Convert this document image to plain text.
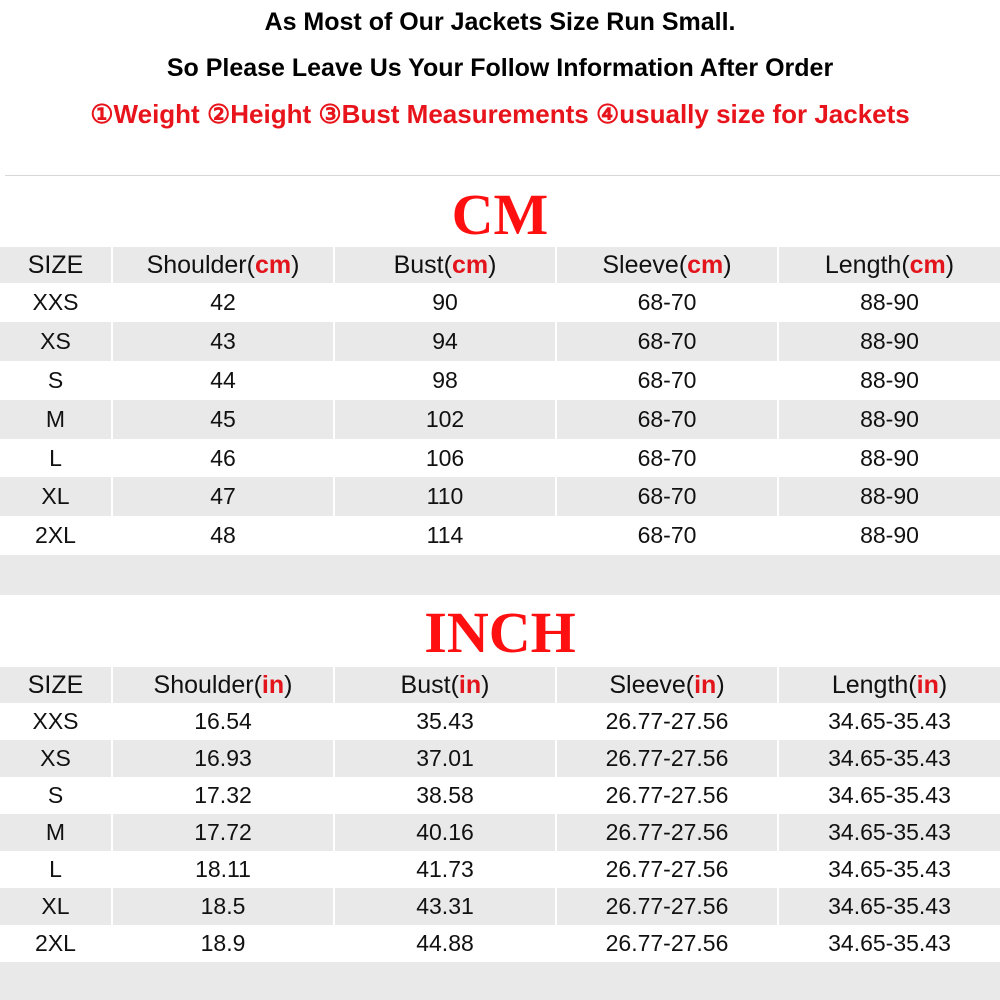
As Most of Our Jackets Size Run Small.
So Please Leave Us Your Follow Information After Order
①Weight ②Height ③Bust Measurements ④usually size for Jackets
CM
SIZE	Shoulder(cm)	Bust(cm)	Sleeve(cm)	Length(cm)
XXS	42	90	68-70	88-90
XS	43	94	68-70	88-90
S	44	98	68-70	88-90
M	45	102	68-70	88-90
L	46	106	68-70	88-90
XL	47	110	68-70	88-90
2XL	48	114	68-70	88-90
INCH
SIZE	Shoulder(in)	Bust(in)	Sleeve(in)	Length(in)
XXS	16.54	35.43	26.77-27.56	34.65-35.43
XS	16.93	37.01	26.77-27.56	34.65-35.43
S	17.32	38.58	26.77-27.56	34.65-35.43
M	17.72	40.16	26.77-27.56	34.65-35.43
L	18.11	41.73	26.77-27.56	34.65-35.43
XL	18.5	43.31	26.77-27.56	34.65-35.43
2XL	18.9	44.88	26.77-27.56	34.65-35.43
